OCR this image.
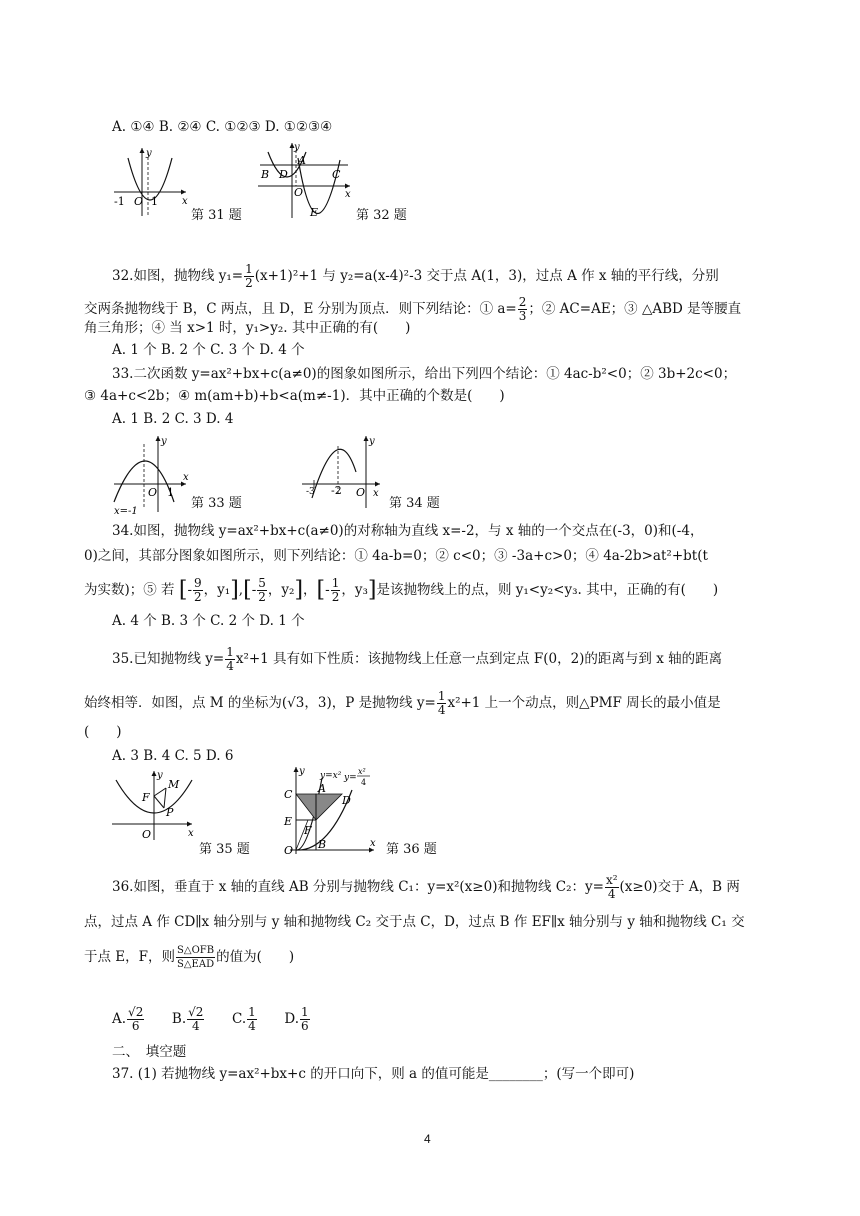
A. ①④ B. ②④ C. ①②③ D. ①②③④
y
x
O
-1 1
第 31 题
y
x
O
A
B	C
D
E	第 32 题
32.如图，抛物线 $y_1= \frac{1}{2} (x+1)^2+1$ 与 y₂=a(x-4)²-3 交于点 A(1，3)，过点 A 作 x 轴的平行线，分别
交两条抛物线于 B，C 两点，且 D，E 分别为顶点．则下列结论：① $a= \frac{2}{3}$ ；② AC=AE；③ △ABD 是等腰直
角三角形；④ 当 x>1 时，y₁>y₂. 其中正确的有(　　)
A. 1 个 B. 2 个 C. 3 个 D. 4 个
33.二次函数 y=ax²+bx+c(a≠0)的图象如图所示，给出下列四个结论：① 4ac-b²<0；② 3b+2c<0；
③ 4a+c<2b；④ m(am+b)+b<a(m≠-1)．其中正确的个数是(　　)
A. 1 B. 2 C. 3 D. 4
y
x
O 1
x=-1
第 33 题
y
x
O
-2
-3
第 34 题
34.如图，抛物线 y=ax²+bx+c(a≠0)的对称轴为直线 x=-2，与 x 轴的一个交点在(-3，0)和(-4，
0)之间，其部分图象如图所示，则下列结论：① 4a-b=0；② c<0；③ -3a+c>0；④ 4a-2b>at²+bt(t
为实数)；⑤ 若 [- $\frac{9}{2}$ ，$y_1],[- \frac{5}{2}$ ，y₂]，[- $\frac{1}{2}$ ，y₃]是该抛物线上的点，则 y₁<y₂<y₃. 其中，正确的有(　　)
A. 4 个 B. 3 个 C. 2 个 D. 1 个
35.已知抛物线 $y= \frac{1}{4} x^2+1$ 具有如下性质：该抛物线上任意一点到定点 F(0，2)的距离与到 x 轴的距离
始终相等．如图，点 M 的坐标为(√3，3)，P 是抛物线 $y= \frac{1}{4} x^2+1$ 上一个动点，则△PMF 周长的最小值是
(　　)
A. 3 B. 4 C. 5 D. 6
y
x
O
M
F
P
第 35 题
y
x
O
A
B
C	D
E
F
y=x² y=
x²
4
第 36 题
36.如图，垂直于 x 轴的直线 AB 分别与抛物线 C₁：y=x²(x≥0)和抛物线 C₂：$y= \frac{\text{x²}}{4} (x\ge 0)$交于 A，B 两
点，过点 A 作 CD∥x 轴分别与 y 轴和抛物线 C₂ 交于点 C，D，过点 B 作 EF∥x 轴分别与 y 轴和抛物线 C₁ 交
于点 E，F，则 $\frac{\text{S△OFB}}{\text{S△EAD}}$ 的值为(　　)
A. $\frac{√2}{6} B$. $\frac{√2}{4} C$. $\frac{1}{4} D$. $\frac{1}{6}$
二、　填空题
37. (1) 若抛物线 y=ax²+bx+c 的开口向下，则 a 的值可能是________；(写一个即可)
4
